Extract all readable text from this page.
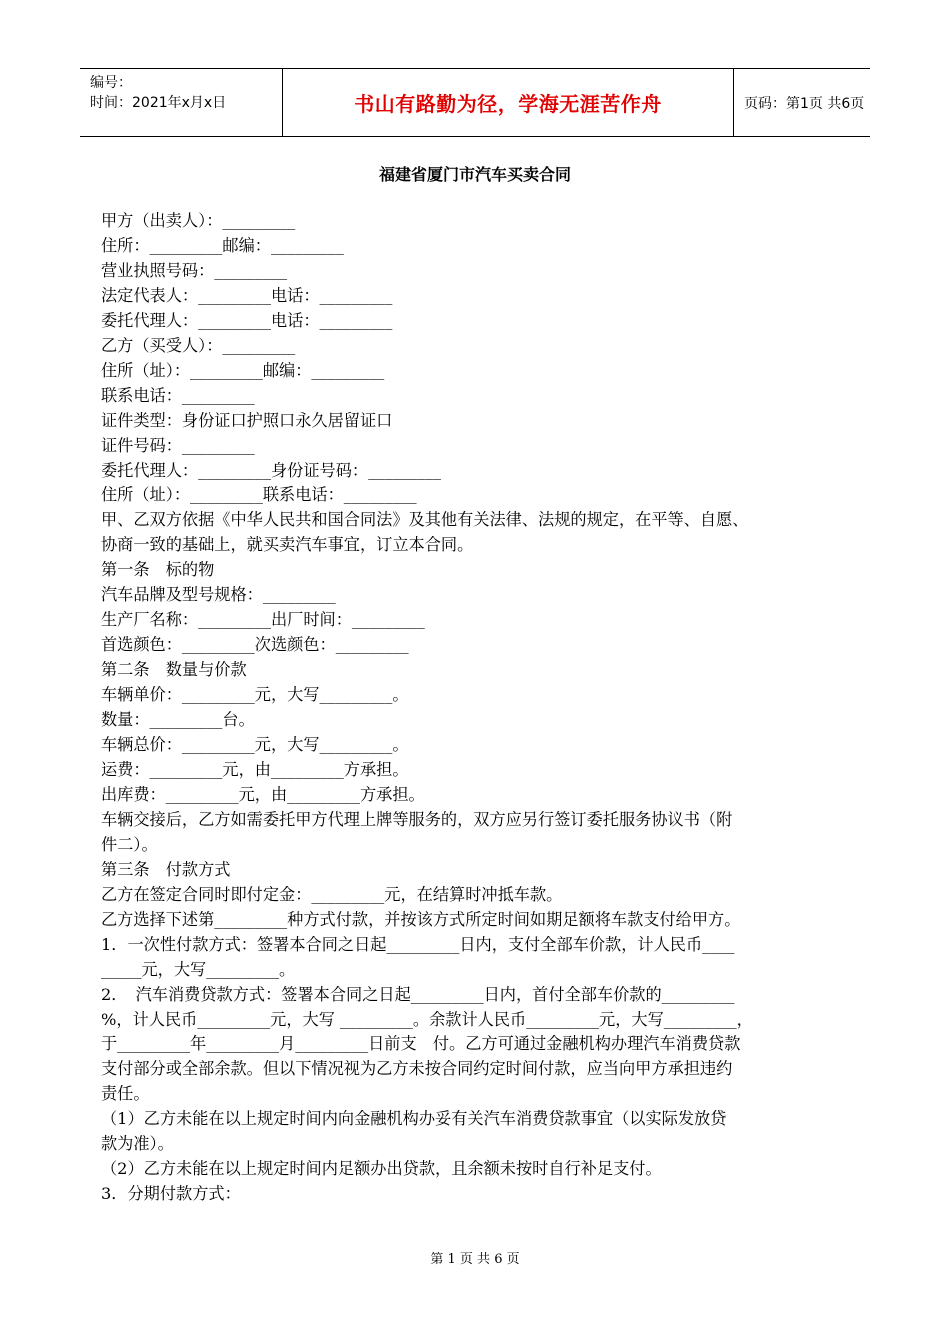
编号：
时间：2021年x月x日	书山有路勤为径，学海无涯苦作舟	页码：第1页 共6页
福建省厦门市汽车买卖合同
甲方（出卖人）：_________
住所：_________邮编：_________
营业执照号码：_________
法定代表人：_________电话：_________
委托代理人：_________电话：_________
乙方（买受人）：_________
住所（址）：_________邮编：_________
联系电话：_________
证件类型：身份证口护照口永久居留证口
证件号码：_________
委托代理人：_________身份证号码：_________
住所（址）：_________联系电话：_________
甲、乙双方依据《中华人民共和国合同法》及其他有关法律、法规的规定，在平等、自愿、
协商一致的基础上，就买卖汽车事宜，订立本合同。
第一条　标的物
汽车品牌及型号规格：_________
生产厂名称：_________出厂时间：_________
首选颜色：_________次选颜色：_________
第二条　数量与价款
车辆单价：_________元，大写_________。
数量：_________台。
车辆总价：_________元，大写_________。
运费：_________元，由_________方承担。
出库费：_________元，由_________方承担。
车辆交接后，乙方如需委托甲方代理上牌等服务的，双方应另行签订委托服务协议书（附
件二）。
第三条　付款方式
乙方在签定合同时即付定金：_________元，在结算时冲抵车款。
乙方选择下述第_________种方式付款，并按该方式所定时间如期足额将车款支付给甲方。
1．一次性付款方式：签署本合同之日起_________日内，支付全部车价款，计人民币____
_____元，大写_________。
2．　汽车消费贷款方式：签署本合同之日起_________日内，首付全部车价款的_________
%，计人民币_________元，大写 _________。余款计人民币_________元，大写_________，
于_________年_________月_________日前支　付。乙方可通过金融机构办理汽车消费贷款
支付部分或全部余款。但以下情况视为乙方未按合同约定时间付款，应当向甲方承担违约
责任。
（1）乙方未能在以上规定时间内向金融机构办妥有关汽车消费贷款事宜（以实际发放贷
款为准）。
（2）乙方未能在以上规定时间内足额办出贷款，且余额未按时自行补足支付。
3．分期付款方式：
第 1 页 共 6 页
